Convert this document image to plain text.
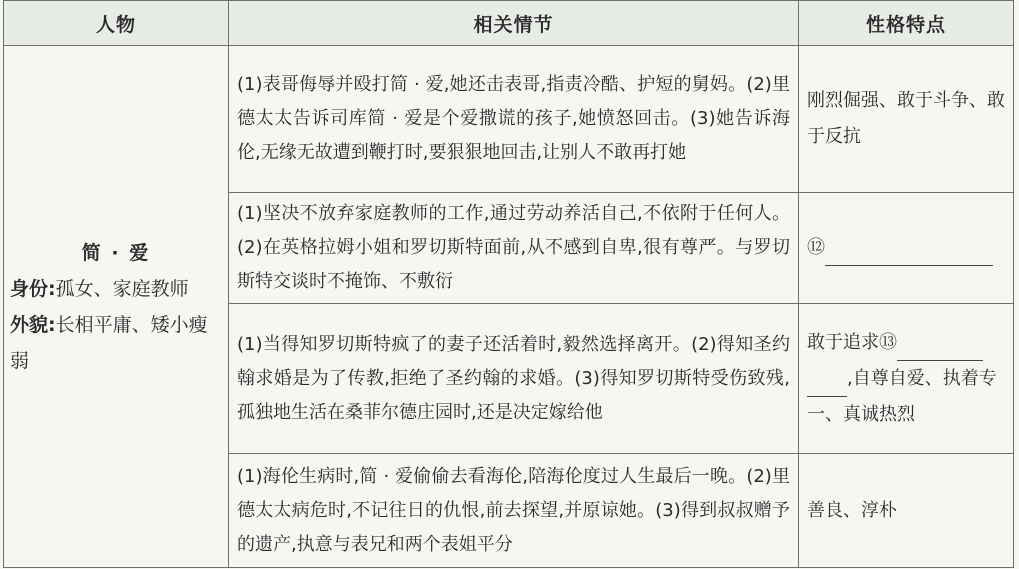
人物	相关情节	性格特点

简 · 爱
身份:孤女、家庭教师
外貌:长相平庸、矮小瘦弱	(1)表哥侮辱并殴打简 · 爱,她还击表哥,指责冷酷、护短的舅妈。(2)里德太太告诉司库简 · 爱是个爱撒谎的孩子,她愤怒回击。(3)她告诉海伦,无缘无故遭到鞭打时,要狠狠地回击,让别人不敢再打她	刚烈倔强、敢于斗争、敢于反抗
	(1)坚决不放弃家庭教师的工作,通过劳动养活自己,不依附于任何人。(2)在英格拉姆小姐和罗切斯特面前,从不感到自卑,很有尊严。与罗切斯特交谈时不掩饰、不敷衍	⑫
	(1)当得知罗切斯特疯了的妻子还活着时,毅然选择离开。(2)得知圣约翰求婚是为了传教,拒绝了圣约翰的求婚。(3)得知罗切斯特受伤致残,孤独地生活在桑菲尔德庄园时,还是决定嫁给他	敢于追求⑬,自尊自爱、执着专一、真诚热烈
	(1)海伦生病时,简 · 爱偷偷去看海伦,陪海伦度过人生最后一晚。(2)里德太太病危时,不记往日的仇恨,前去探望,并原谅她。(3)得到叔叔赠予的遗产,执意与表兄和两个表姐平分	善良、淳朴
